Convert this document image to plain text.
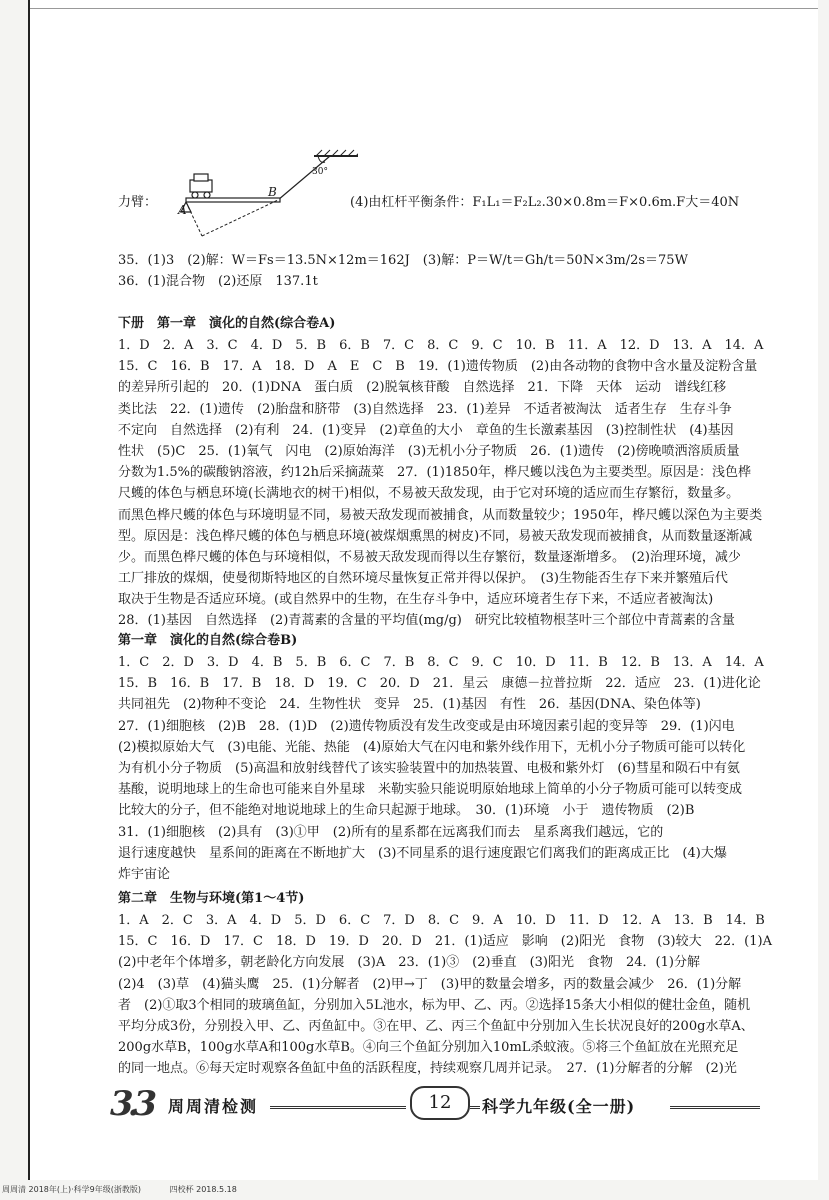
力臂： A
B
30°
(4)由杠杆平衡条件：F₁L₁＝F₂L₂.30×0.8m＝F×0.6m.F大＝40N
35．(1)3　(2)解：W＝Fs＝13.5N×12m＝162J　(3)解：P＝W/t＝Gh/t＝50N×3m/2s＝75W
36．(1)混合物　(2)还原　137.1t
下册　第一章　演化的自然(综合卷A)
1．D　2．A　3．C　4．D　5．B　6．B　7．C　8．C　9．C　10．B　11．A　12．D　13．A　14．A
15．C　16．B　17．A　18．D　A　E　C　B　19．(1)遗传物质　(2)由各动物的食物中含水量及淀粉含量
的差异所引起的　20．(1)DNA　蛋白质　(2)脱氧核苷酸　自然选择　21．下降　天体　运动　谱线红移
类比法　22．(1)遗传　(2)胎盘和脐带　(3)自然选择　23．(1)差异　不适者被淘汰　适者生存　生存斗争
不定向　自然选择　(2)有利　24．(1)变异　(2)章鱼的大小　章鱼的生长激素基因　(3)控制性状　(4)基因
性状　(5)C　25．(1)氧气　闪电　(2)原始海洋　(3)无机小分子物质　26．(1)遗传　(2)傍晚喷洒溶质质量
分数为1.5%的碳酸钠溶液，约12h后采摘蔬菜　27．(1)1850年，桦尺蠖以浅色为主要类型。原因是：浅色桦
尺蠖的体色与栖息环境(长满地衣的树干)相似，不易被天敌发现，由于它对环境的适应而生存繁衍，数量多。
而黑色桦尺蠖的体色与环境明显不同，易被天敌发现而被捕食，从而数量较少；1950年，桦尺蠖以深色为主要类
型。原因是：浅色桦尺蠖的体色与栖息环境(被煤烟熏黑的树皮)不同，易被天敌发现而被捕食，从而数量逐渐减
少。而黑色桦尺蠖的体色与环境相似，不易被天敌发现而得以生存繁衍，数量逐渐增多。　(2)治理环境，减少
工厂排放的煤烟，使曼彻斯特地区的自然环境尽量恢复正常并得以保护。　(3)生物能否生存下来并繁殖后代
取决于生物是否适应环境。(或自然界中的生物，在生存斗争中，适应环境者生存下来，不适应者被淘汰)
28．(1)基因　自然选择　(2)青蒿素的含量的平均值(mg/g)　研究比较植物根茎叶三个部位中青蒿素的含量
第一章　演化的自然(综合卷B)
1．C　2．D　3．D　4．B　5．B　6．C　7．B　8．C　9．C　10．D　11．B　12．B　13．A　14．A
15．B　16．B　17．B　18．D　19．C　20．D　21．星云　康德－拉普拉斯　22．适应　23．(1)进化论
共同祖先　(2)物种不变论　24．生物性状　变异　25．(1)基因　有性　26．基因(DNA、染色体等)
27．(1)细胞核　(2)B　28．(1)D　(2)遗传物质没有发生改变或是由环境因素引起的变异等　29．(1)闪电
(2)模拟原始大气　(3)电能、光能、热能　(4)原始大气在闪电和紫外线作用下，无机小分子物质可能可以转化
为有机小分子物质　(5)高温和放射线替代了该实验装置中的加热装置、电极和紫外灯　(6)彗星和陨石中有氨
基酸，说明地球上的生命也可能来自外星球　米勒实验只能说明原始地球上简单的小分子物质可能可以转变成
比较大的分子，但不能绝对地说地球上的生命只起源于地球。　30．(1)环境　小于　遗传物质　(2)B
31．(1)细胞核　(2)具有　(3)①甲　(2)所有的星系都在远离我们而去　星系离我们越远，它的
退行速度越快　星系间的距离在不断地扩大　(3)不同星系的退行速度跟它们离我们的距离成正比　(4)大爆
炸宇宙论
第二章　生物与环境(第1～4节)
1．A　2．C　3．A　4．D　5．D　6．C　7．D　8．C　9．A　10．D　11．D　12．A　13．B　14．B
15．C　16．D　17．C　18．D　19．D　20．D　21．(1)适应　影响　(2)阳光　食物　(3)较大　22．(1)A
(2)中老年个体增多，朝老龄化方向发展　(3)A　23．(1)③　(2)垂直　(3)阳光　食物　24．(1)分解
(2)4　(3)草　(4)猫头鹰　25．(1)分解者　(2)甲→丁　(3)甲的数量会增多，丙的数量会减少　26．(1)分解
者　(2)①取3个相同的玻璃鱼缸，分别加入5L池水，标为甲、乙、丙。②选择15条大小相似的健壮金鱼，随机
平均分成3份，分别投入甲、乙、丙鱼缸中。③在甲、乙、丙三个鱼缸中分别加入生长状况良好的200g水草A、
200g水草B，100g水草A和100g水草B。④向三个鱼缸分别加入10mL杀蚊液。⑤将三个鱼缸放在光照充足
的同一地点。⑥每天定时观察各鱼缸中鱼的活跃程度，持续观察几周并记录。　27．(1)分解者的分解　(2)光
3.3 周周清检测	12	科学九年级(全一册)
周周清 2018年(上)·科学9年级(浙教版)	四校杯 2018.5.18
